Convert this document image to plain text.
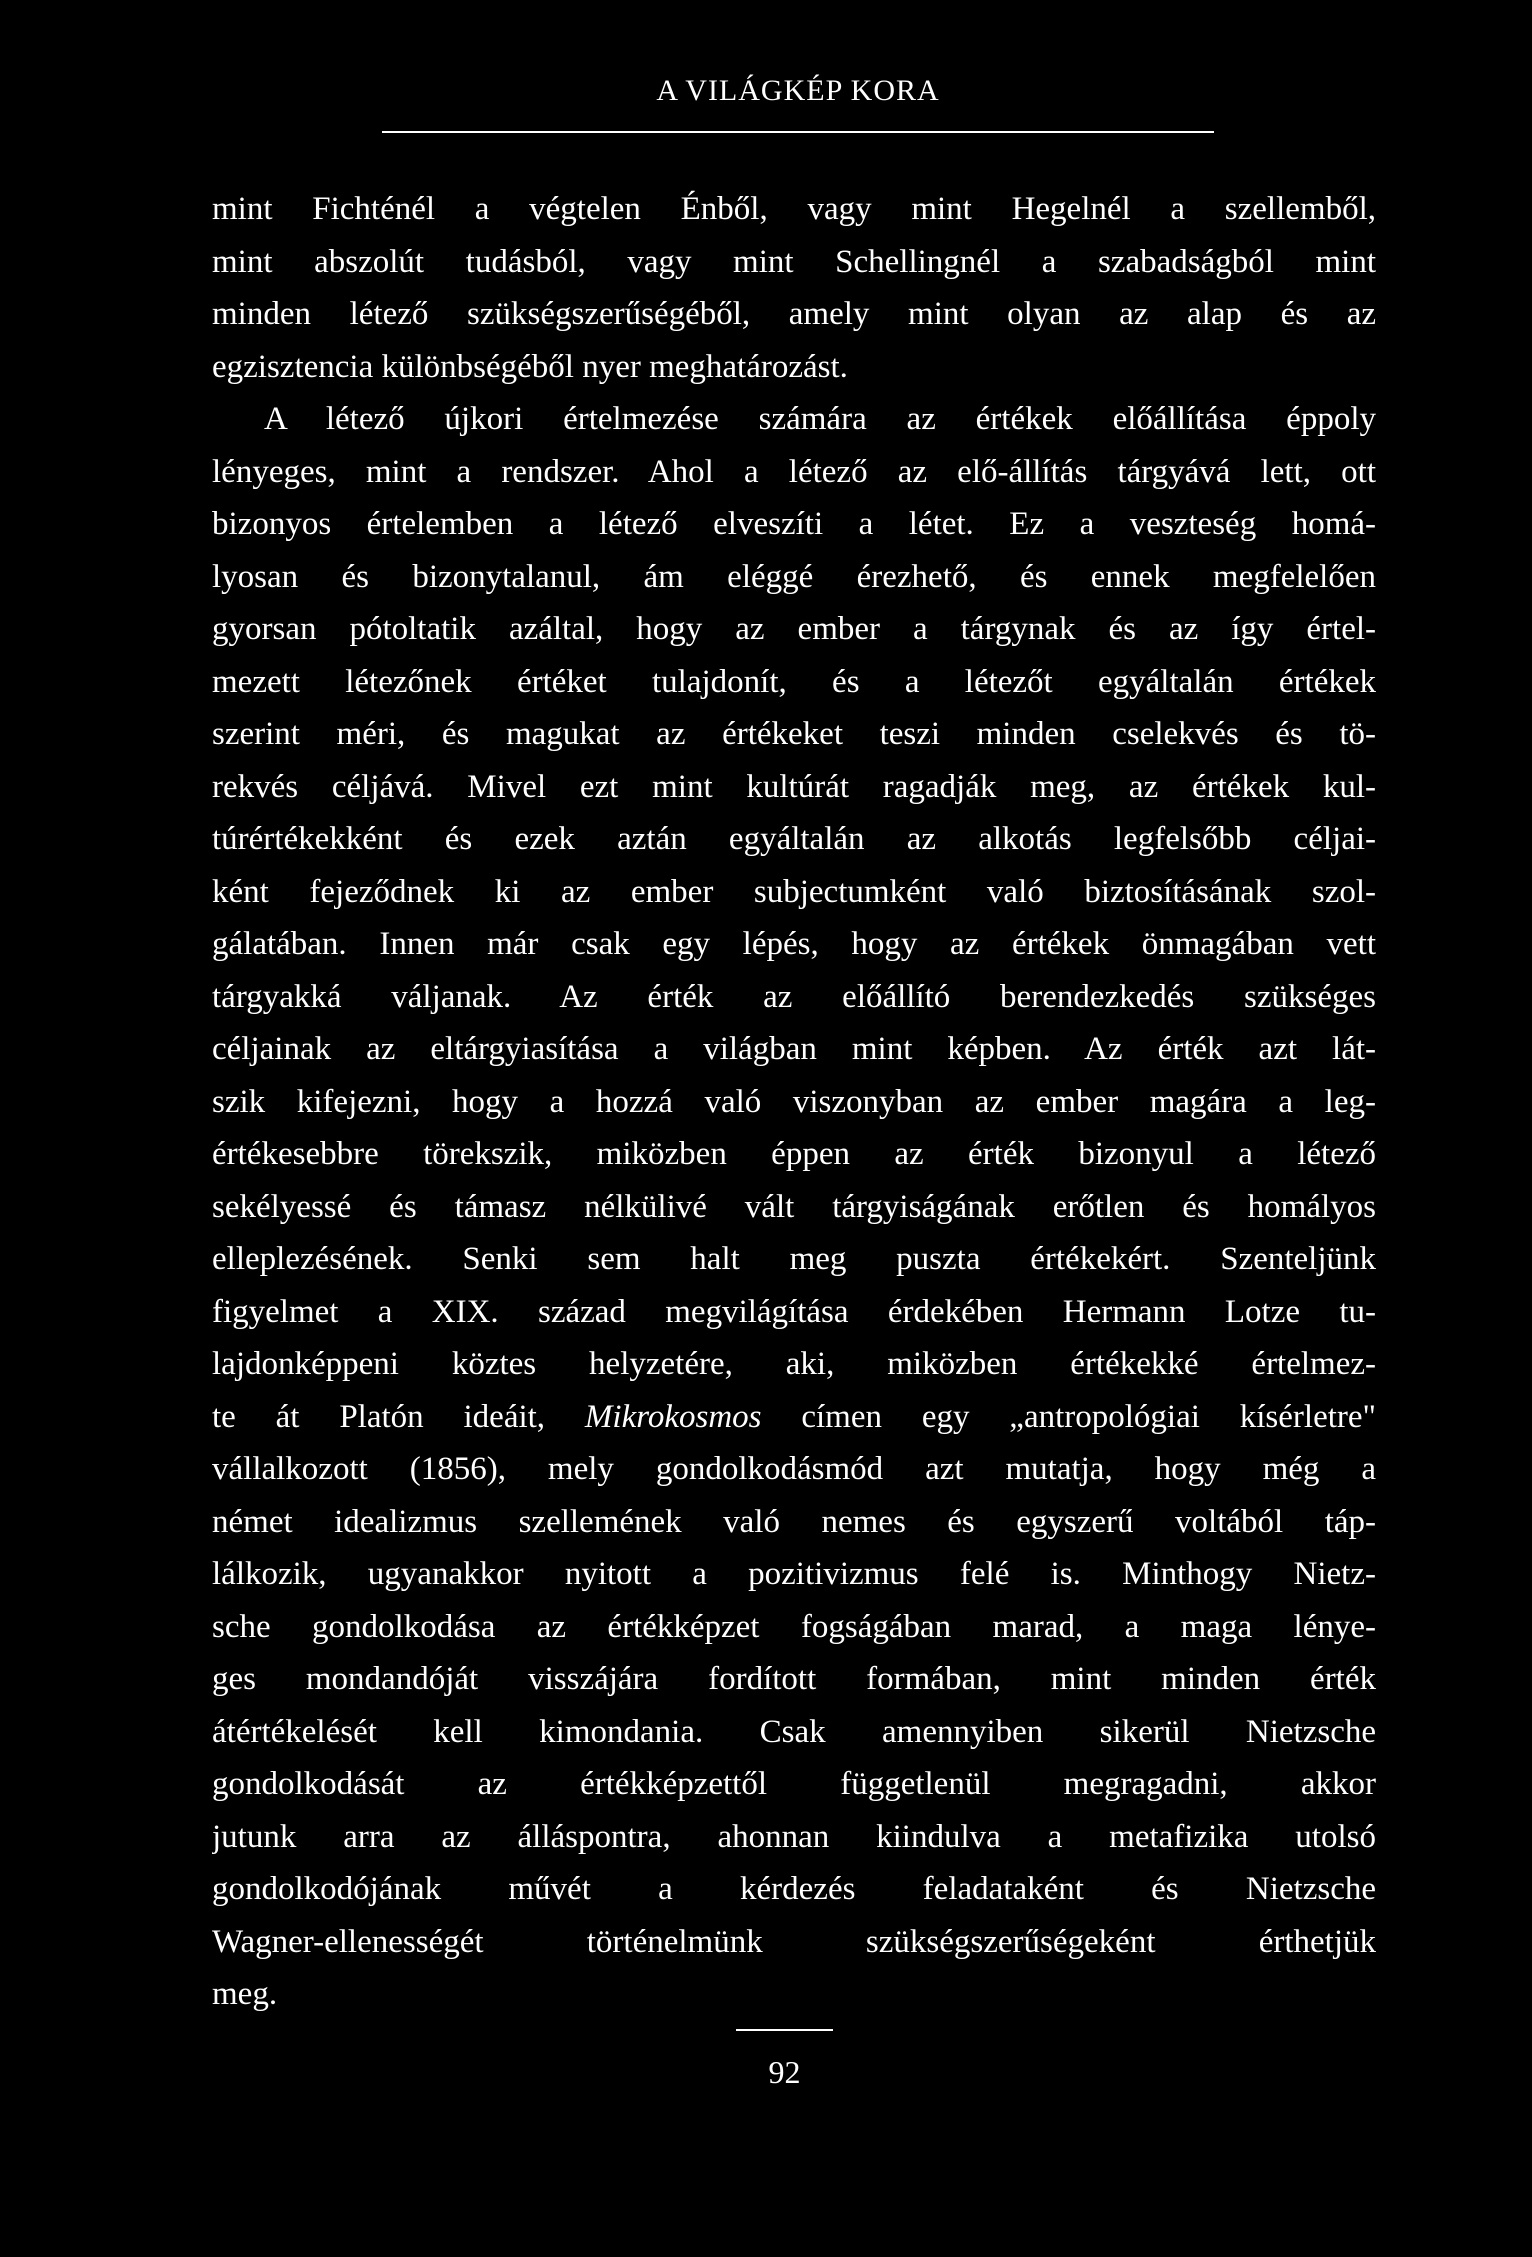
A VILÁGKÉP KORA
mint Fichténél a végtelen Énből, vagy mint Hegelnél a szellemből,
mint abszolút tudásból, vagy mint Schellingnél a szabadságból mint
minden létező szükségszerűségéből, amely mint olyan az alap és az
egzisztencia különbségéből nyer meghatározást.
A létező újkori értelmezése számára az értékek előállítása éppoly
lényeges, mint a rendszer. Ahol a létező az elő-állítás tárgyává lett, ott
bizonyos értelemben a létező elveszíti a létet. Ez a veszteség homá-
lyosan és bizonytalanul, ám eléggé érezhető, és ennek megfelelően
gyorsan pótoltatik azáltal, hogy az ember a tárgynak és az így értel-
mezett létezőnek értéket tulajdonít, és a létezőt egyáltalán értékek
szerint méri, és magukat az értékeket teszi minden cselekvés és tö-
rekvés céljává. Mivel ezt mint kultúrát ragadják meg, az értékek kul-
túrértékekként és ezek aztán egyáltalán az alkotás legfelsőbb céljai-
ként fejeződnek ki az ember subjectumként való biztosításának szol-
gálatában. Innen már csak egy lépés, hogy az értékek önmagában vett
tárgyakká váljanak. Az érték az előállító berendezkedés szükséges
céljainak az eltárgyiasítása a világban mint képben. Az érték azt lát-
szik kifejezni, hogy a hozzá való viszonyban az ember magára a leg-
értékesebbre törekszik, miközben éppen az érték bizonyul a létező
sekélyessé és támasz nélkülivé vált tárgyiságának erőtlen és homályos
elleplezésének. Senki sem halt meg puszta értékekért. Szenteljünk
figyelmet a XIX. század megvilágítása érdekében Hermann Lotze tu-
lajdonképpeni köztes helyzetére, aki, miközben értékekké értelmez-
te át Platón ideáit, Mikrokosmos címen egy „antropológiai kísérletre"
vállalkozott (1856), mely gondolkodásmód azt mutatja, hogy még a
német idealizmus szellemének való nemes és egyszerű voltából táp-
lálkozik, ugyanakkor nyitott a pozitivizmus felé is. Minthogy Nietz-
sche gondolkodása az értékképzet fogságában marad, a maga lénye-
ges mondandóját visszájára fordított formában, mint minden érték
átértékelését kell kimondania. Csak amennyiben sikerül Nietzsche
gondolkodását az értékképzettől függetlenül megragadni, akkor
jutunk arra az álláspontra, ahonnan kiindulva a metafizika utolsó
gondolkodójának művét a kérdezés feladataként és Nietzsche
Wagner-ellenességét történelmünk szükségszerűségeként érthetjük
meg.
92
